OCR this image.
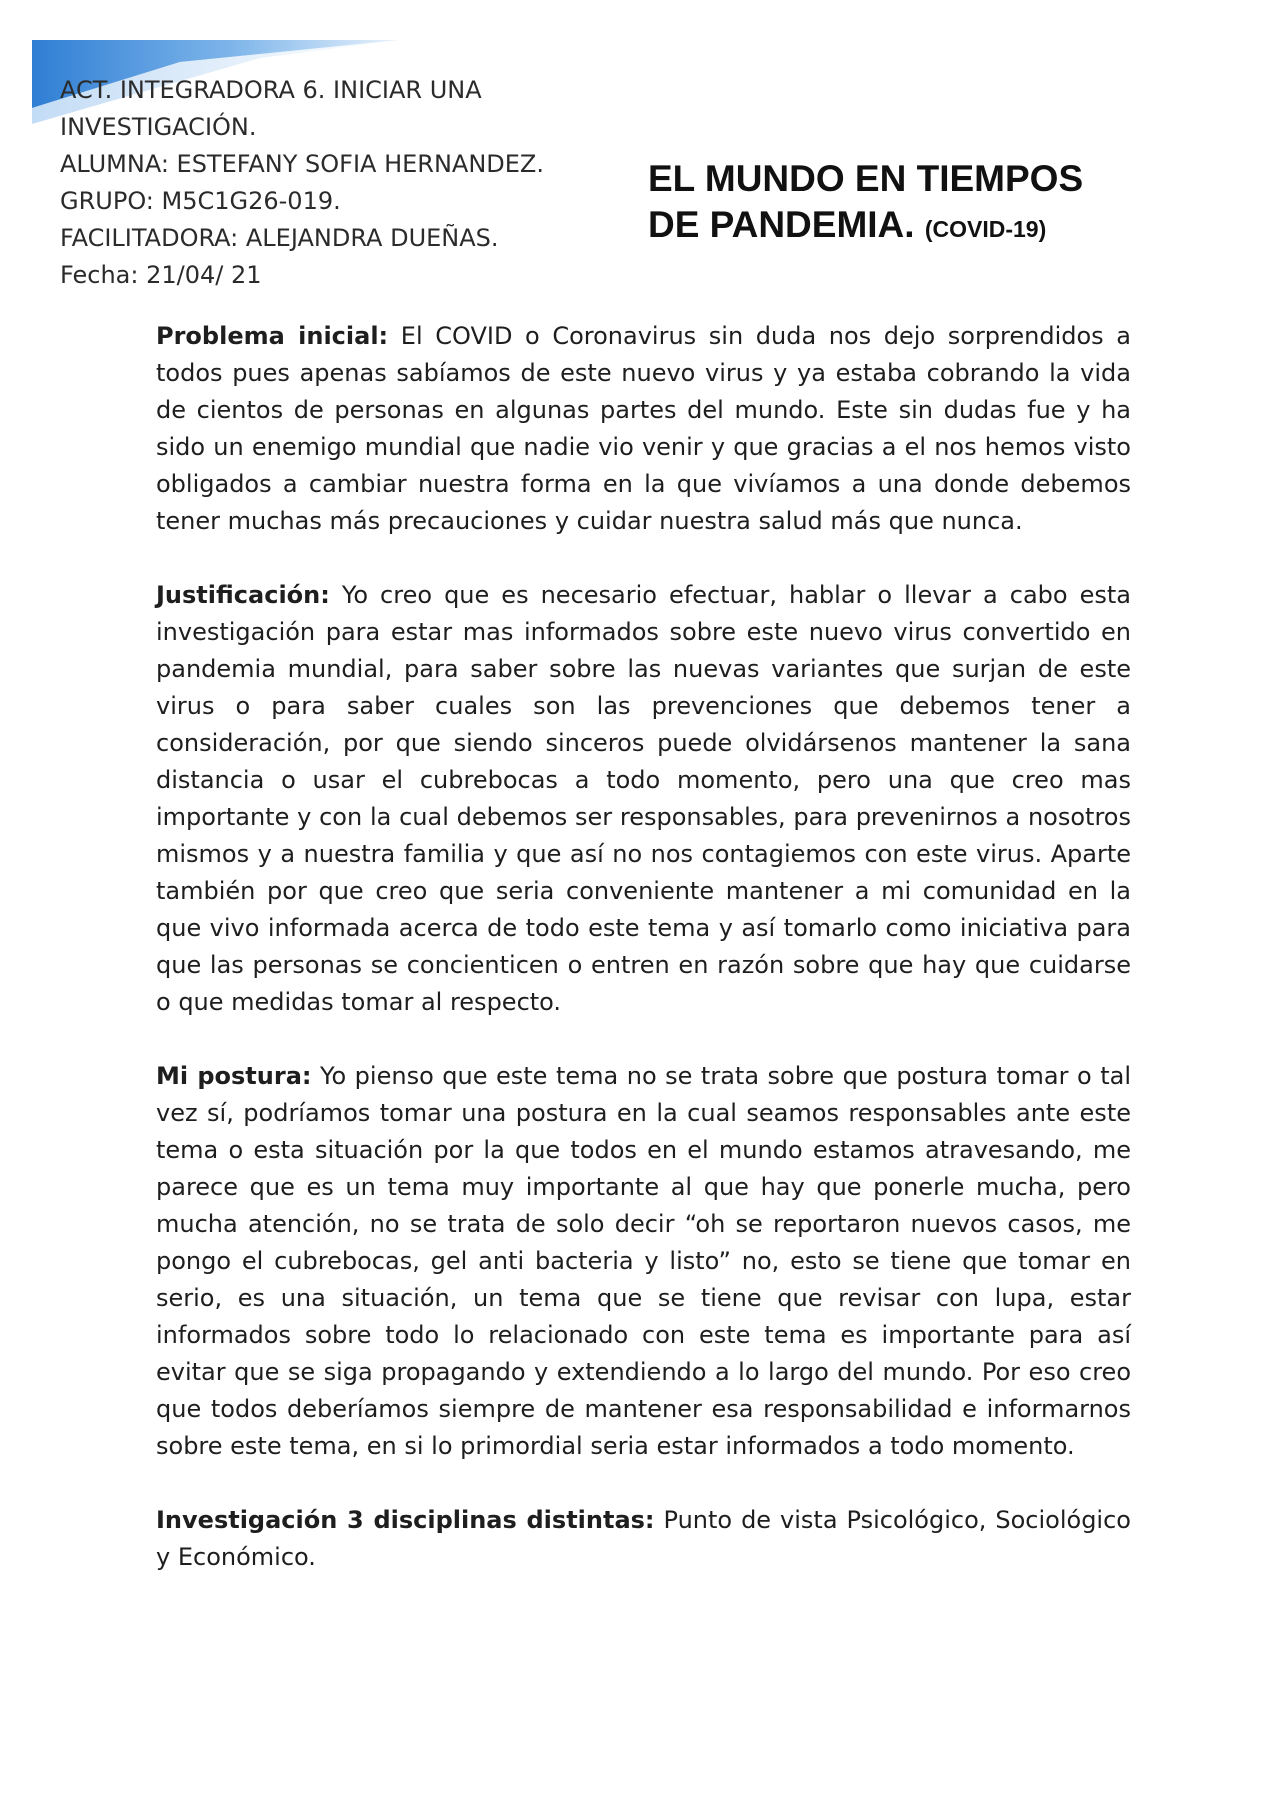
ACT. INTEGRADORA 6. INICIAR UNA
INVESTIGACIÓN.
ALUMNA: ESTEFANY SOFIA HERNANDEZ.
GRUPO: M5C1G26-019.
FACILITADORA: ALEJANDRA DUEÑAS.
Fecha: 21/04/ 21
EL MUNDO EN TIEMPOS
DE PANDEMIA. (COVID-19)

Problema inicial: El COVID o Coronavirus sin duda nos dejo sorprendidos a todos pues apenas sabíamos de este nuevo virus y ya estaba cobrando la vida de cientos de personas en algunas partes del mundo. Este sin dudas fue y ha sido un enemigo mundial que nadie vio venir y que gracias a el nos hemos visto obligados a cambiar nuestra forma en la que vivíamos a una donde debemos tener muchas más precauciones y cuidar nuestra salud más que nunca.

Justificación: Yo creo que es necesario efectuar, hablar o llevar a cabo esta investigación para estar mas informados sobre este nuevo virus convertido en pandemia mundial, para saber sobre las nuevas variantes que surjan de este virus o para saber cuales son las prevenciones que debemos tener a consideración, por que siendo sinceros puede olvidársenos mantener la sana distancia o usar el cubrebocas a todo momento, pero una que creo mas importante y con la cual debemos ser responsables, para prevenirnos a nosotros mismos y a nuestra familia y que así no nos contagiemos con este virus. Aparte también por que creo que seria conveniente mantener a mi comunidad en la que vivo informada acerca de todo este tema y así tomarlo como iniciativa para que las personas se concienticen o entren en razón sobre que hay que cuidarse o que medidas tomar al respecto.

Mi postura: Yo pienso que este tema no se trata sobre que postura tomar o tal vez sí, podríamos tomar una postura en la cual seamos responsables ante este tema o esta situación por la que todos en el mundo estamos atravesando, me parece que es un tema muy importante al que hay que ponerle mucha, pero mucha atención, no se trata de solo decir “oh se reportaron nuevos casos, me pongo el cubrebocas, gel anti bacteria y listo” no, esto se tiene que tomar en serio, es una situación, un tema que se tiene que revisar con lupa, estar informados sobre todo lo relacionado con este tema es importante para así evitar que se siga propagando y extendiendo a lo largo del mundo. Por eso creo que todos deberíamos siempre de mantener esa responsabilidad e informarnos sobre este tema, en si lo primordial seria estar informados a todo momento.

Investigación 3 disciplinas distintas: Punto de vista Psicológico, Sociológico y Económico.
